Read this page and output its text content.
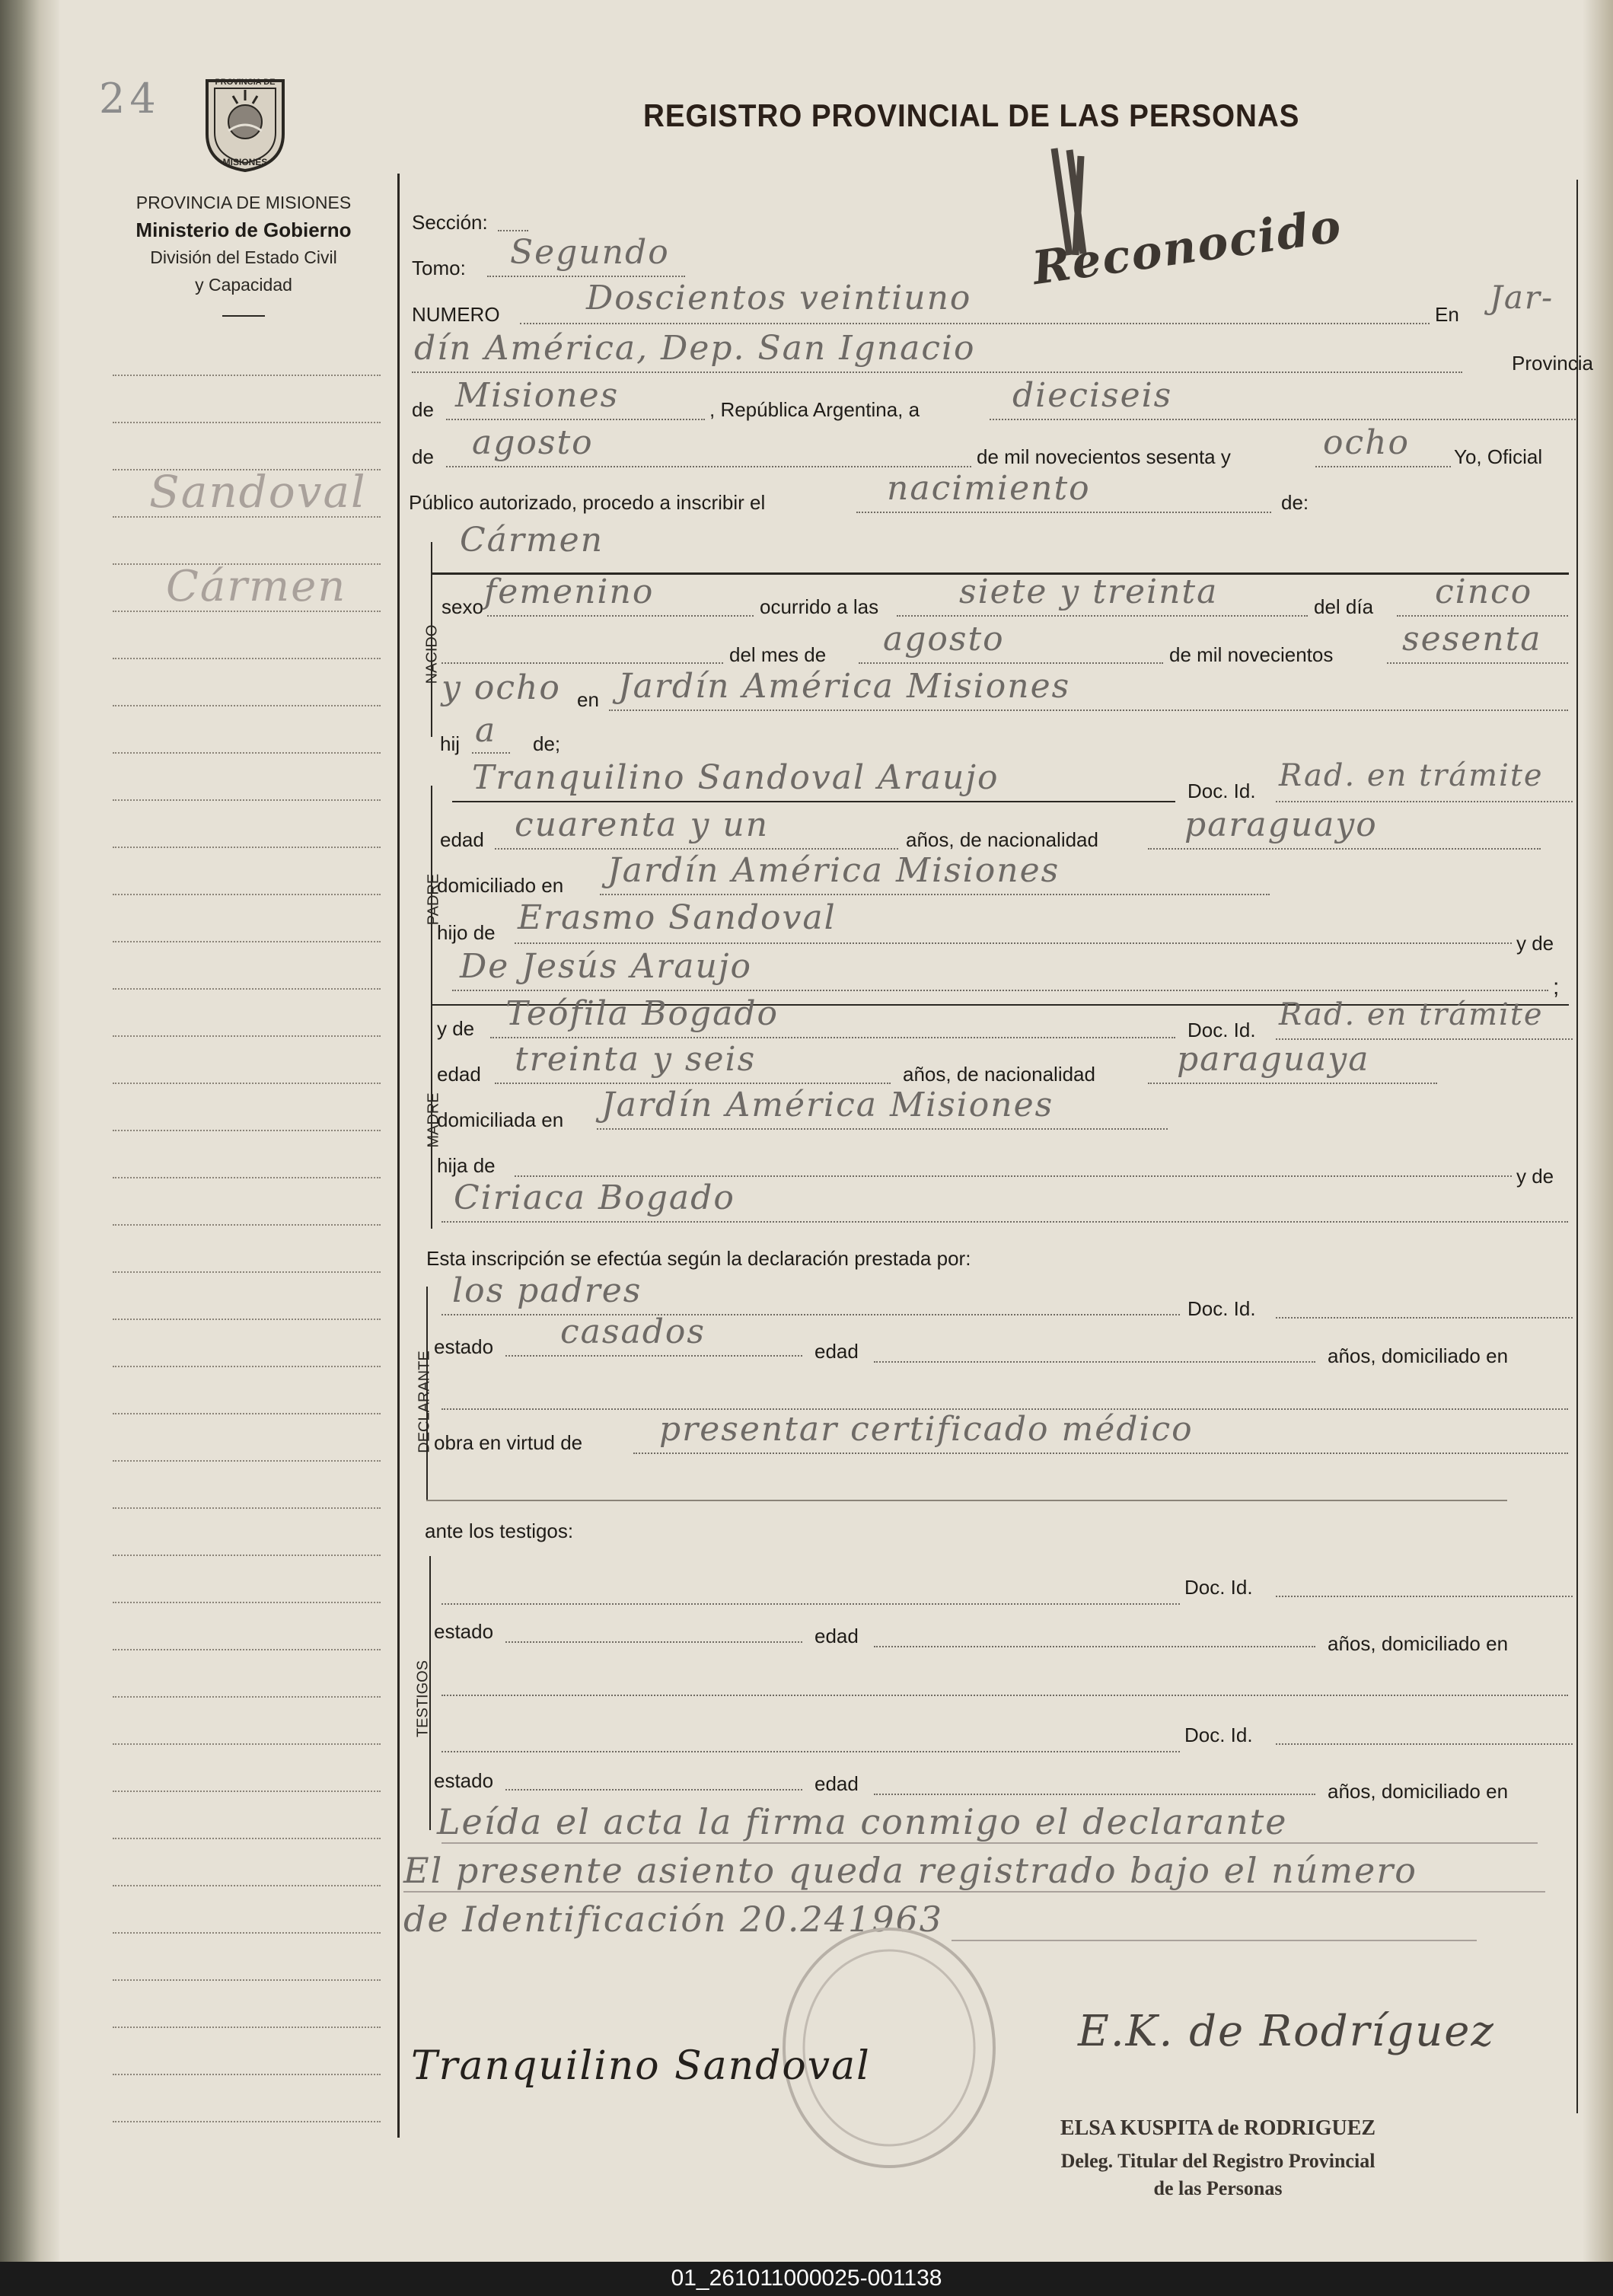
24	PROVINCIA DE
MISIONES
PROVINCIA DE MISIONES
Ministerio de Gobierno
División del Estado Civil
y Capacidad
REGISTRO PROVINCIAL DE LAS PERSONAS
Sandoval
Cármen
Sección:
Tomo: Segundo	Reconocido
NUMERO	Doscientos veintiuno	En Jar-
dín América, Dep. San Ignacio	Provincia
de Misiones	, República Argentina, a	dieciseis
de agosto	de mil novecientos sesenta y	ocho Yo, Oficial
Público autorizado, procedo a inscribir el	nacimiento	de:
NACIDO
Cármen
sexo femenino	ocurrido a las siete y treinta	del día cinco
del mes de agosto	de mil novecientos sesenta
y ocho en Jardín América Misiones
hij a de;
PADRE
Tranquilino Sandoval Araujo	Doc. Id. Rad. en trámite
edad cuarenta y un	años, de nacionalidad	paraguayo
domiciliado en Jardín América Misiones
hijo de Erasmo Sandoval
y de
De Jesús Araujo
;
MADRE
y de Teófila Bogado	Doc. Id. Rad. en trámite
edad treinta y seis	años, de nacionalidad paraguaya
domiciliada en Jardín América Misiones
hija de	y de
Ciriaca Bogado
Esta inscripción se efectúa según la declaración prestada por:
DECLARANTE
los padres	Doc. Id.
estado casados	edad	años, domiciliado en
obra en virtud de presentar certificado médico
ante los testigos:
TESTIGOS
Doc. Id.
estado	edad	años, domiciliado en
Doc. Id.
estado	edad	años, domiciliado en
Leída el acta la firma conmigo el declarante
El presente asiento queda registrado bajo el número
de Identificación 20.241963
Tranquilino Sandoval
E.K. de Rodríguez
ELSA KUSPITA de RODRIGUEZ
Deleg. Titular del Registro Provincial
de las Personas
01_261011000025-001138
